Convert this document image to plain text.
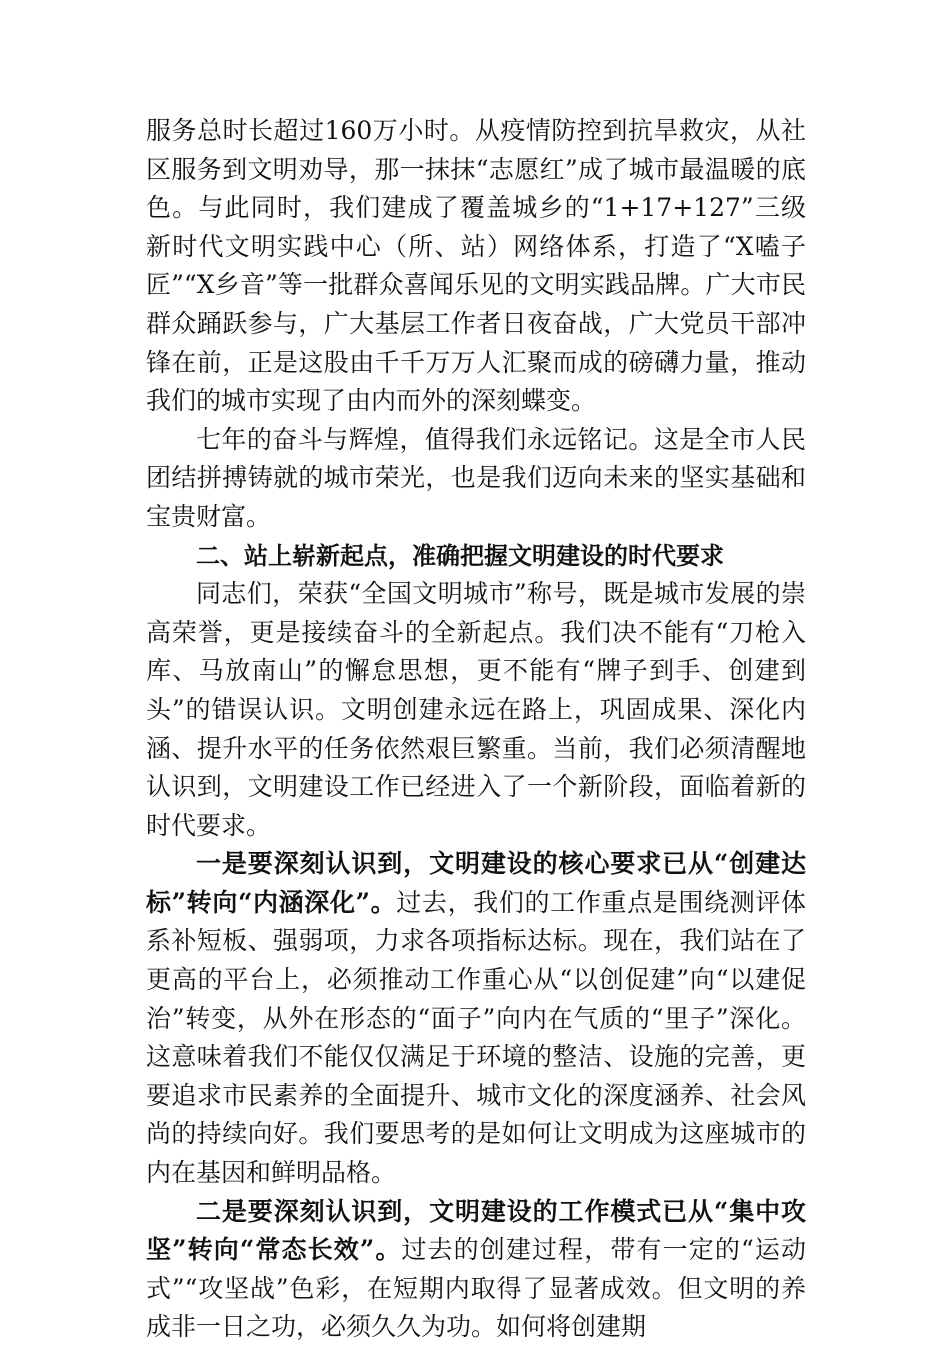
服务总时长超过160万小时。从疫情防控到抗旱救灾，从社区服务到文明劝导，那一抹抹“志愿红”成了城市最温暖的底色。与此同时，我们建成了覆盖城乡的“1+17+127”三级新时代文明实践中心（所、站）网络体系，打造了“X嗑子匠”“X乡音”等一批群众喜闻乐见的文明实践品牌。广大市民群众踊跃参与，广大基层工作者日夜奋战，广大党员干部冲锋在前，正是这股由千千万万人汇聚而成的磅礴力量，推动我们的城市实现了由内而外的深刻蝶变。

七年的奋斗与辉煌，值得我们永远铭记。这是全市人民团结拼搏铸就的城市荣光，也是我们迈向未来的坚实基础和宝贵财富。

二、站上崭新起点，准确把握文明建设的时代要求

同志们，荣获“全国文明城市”称号，既是城市发展的崇高荣誉，更是接续奋斗的全新起点。我们决不能有“刀枪入库、马放南山”的懈怠思想，更不能有“牌子到手、创建到头”的错误认识。文明创建永远在路上，巩固成果、深化内涵、提升水平的任务依然艰巨繁重。当前，我们必须清醒地认识到，文明建设工作已经进入了一个新阶段，面临着新的时代要求。

一是要深刻认识到，文明建设的核心要求已从“创建达标”转向“内涵深化”。过去，我们的工作重点是围绕测评体系补短板、强弱项，力求各项指标达标。现在，我们站在了更高的平台上，必须推动工作重心从“以创促建”向“以建促治”转变，从外在形态的“面子”向内在气质的“里子”深化。这意味着我们不能仅仅满足于环境的整洁、设施的完善，更要追求市民素养的全面提升、城市文化的深度涵养、社会风尚的持续向好。我们要思考的是如何让文明成为这座城市的内在基因和鲜明品格。

二是要深刻认识到，文明建设的工作模式已从“集中攻坚”转向“常态长效”。过去的创建过程，带有一定的“运动式”“攻坚战”色彩，在短期内取得了显著成效。但文明的养成非一日之功，必须久久为功。如何将创建期
